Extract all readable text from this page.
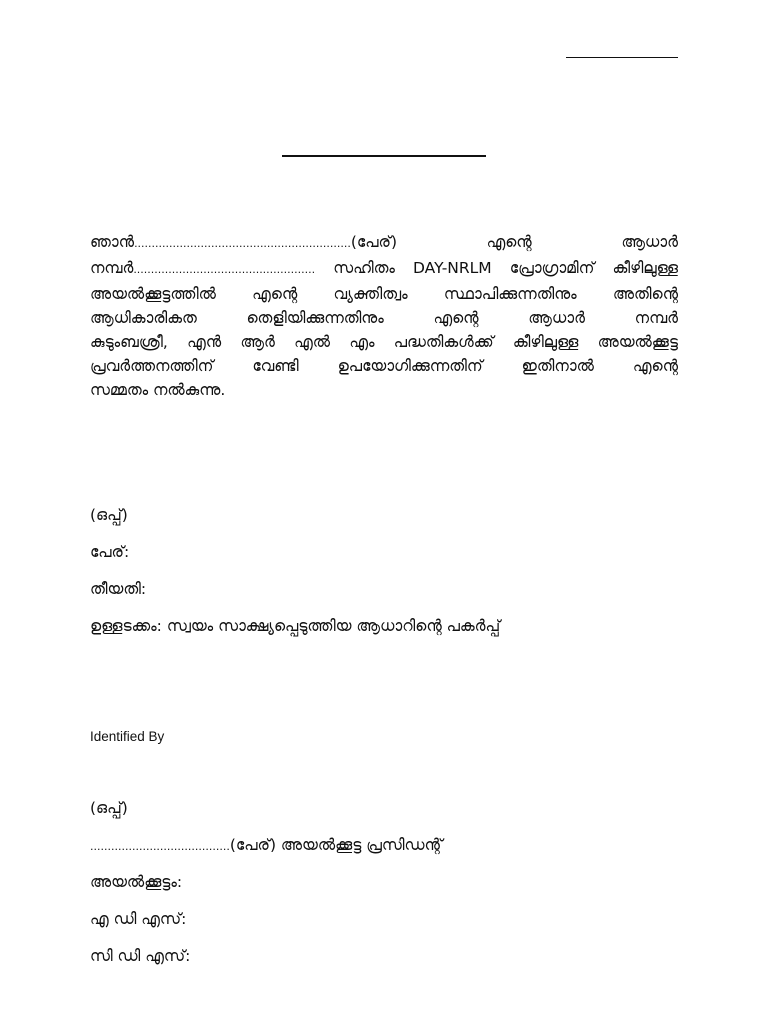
ഞാൻ..............................................................(പേര്)	എന്റെ	ആധാർ
നമ്പർ.................................................... സഹിതം DAY-NRLM പ്രോഗ്രാമിന് കീഴിലുള്ള
അയൽക്കൂട്ടത്തിൽ എന്റെ വ്യക്തിത്വം സ്ഥാപിക്കുന്നതിനും അതിന്റെ
ആധികാരികത തെളിയിക്കുന്നതിനും എന്റെ ആധാർ നമ്പർ
കുടുംബശ്രീ, എൻ ആർ എൽ എം പദ്ധതികൾക്ക് കീഴിലുള്ള അയൽക്കൂട്ട
പ്രവർത്തനത്തിന് വേണ്ടി ഉപയോഗിക്കുന്നതിന് ഇതിനാൽ എന്റെ
സമ്മതം നൽകുന്നു.
(ഒപ്പ്)
പേര്:
തീയതി:
ഉള്ളടക്കം: സ്വയം സാക്ഷ്യപ്പെടുത്തിയ ആധാറിന്റെ പകർപ്പ്
Identified By
(ഒപ്പ്)
........................................(പേര്) അയൽക്കൂട്ട പ്രസിഡന്റ്
അയൽക്കൂട്ടം:
എ ഡി എസ്:
സി ഡി എസ്:
